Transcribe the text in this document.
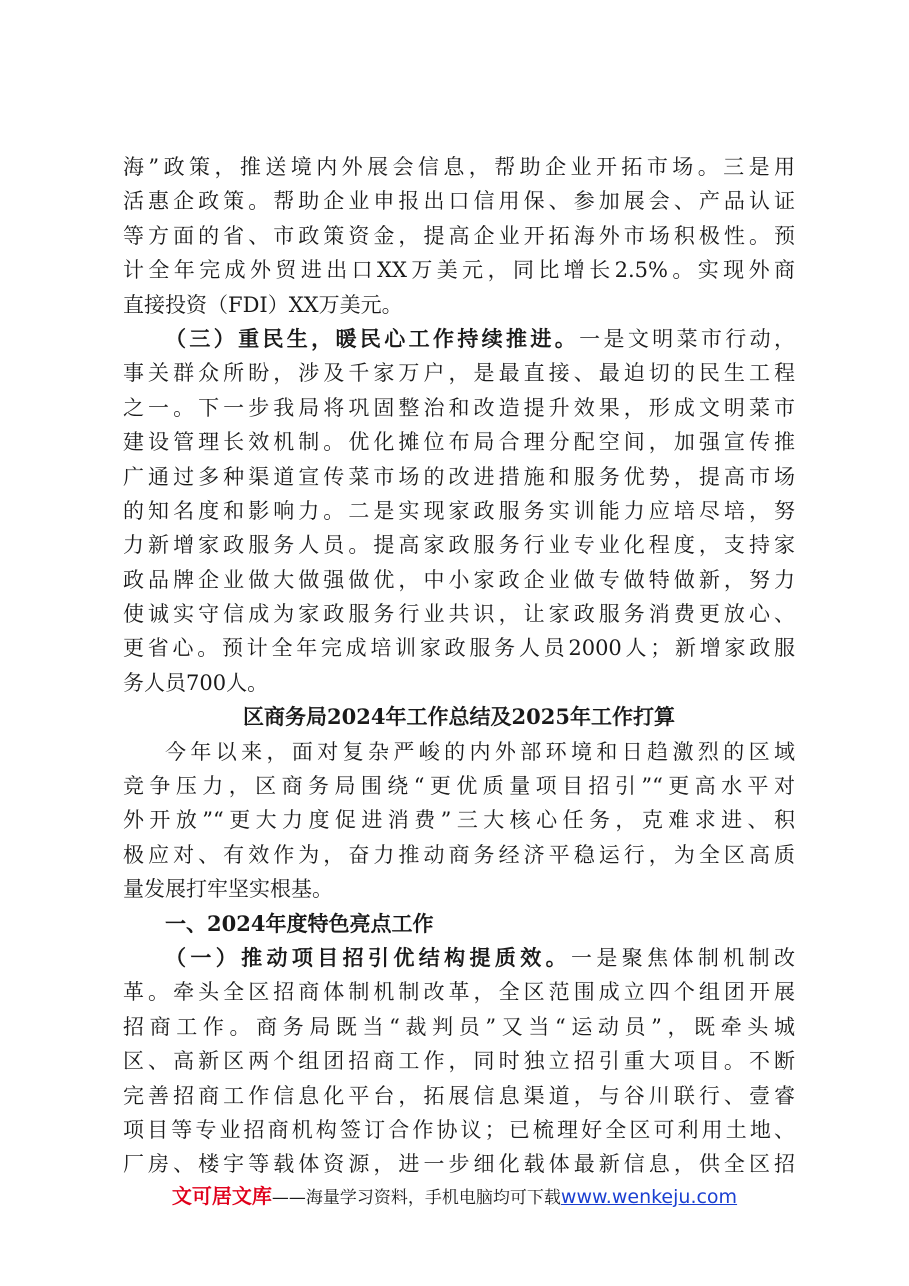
海”政策，推送境内外展会信息，帮助企业开拓市场。三是用
活惠企政策。帮助企业申报出口信用保、参加展会、产品认证
等方面的省、市政策资金，提高企业开拓海外市场积极性。预
计全年完成外贸进出口XX万美元，同比增长2.5%。实现外商
直接投资（FDI）XX万美元。
（三）重民生，暖民心工作持续推进。一是文明菜市行动，
事关群众所盼，涉及千家万户，是最直接、最迫切的民生工程
之一。下一步我局将巩固整治和改造提升效果，形成文明菜市
建设管理长效机制。优化摊位布局合理分配空间，加强宣传推
广通过多种渠道宣传菜市场的改进措施和服务优势，提高市场
的知名度和影响力。二是实现家政服务实训能力应培尽培，努
力新增家政服务人员。提高家政服务行业专业化程度，支持家
政品牌企业做大做强做优，中小家政企业做专做特做新，努力
使诚实守信成为家政服务行业共识，让家政服务消费更放心、
更省心。预计全年完成培训家政服务人员2000人；新增家政服
务人员700人。
区商务局2024年工作总结及2025年工作打算
今年以来，面对复杂严峻的内外部环境和日趋激烈的区域
竞争压力，区商务局围绕“更优质量项目招引”“更高水平对
外开放”“更大力度促进消费”三大核心任务，克难求进、积
极应对、有效作为，奋力推动商务经济平稳运行，为全区高质
量发展打牢坚实根基。
一、2024年度特色亮点工作
（一）推动项目招引优结构提质效。一是聚焦体制机制改
革。牵头全区招商体制机制改革，全区范围成立四个组团开展
招商工作。商务局既当“裁判员”又当“运动员”，既牵头城
区、高新区两个组团招商工作，同时独立招引重大项目。不断
完善招商工作信息化平台，拓展信息渠道，与谷川联行、壹睿
项目等专业招商机构签订合作协议；已梳理好全区可利用土地、
厂房、楼宇等载体资源，进一步细化载体最新信息，供全区招
文可居文库——海量学习资料，手机电脑均可下载www.wenkeju.com
